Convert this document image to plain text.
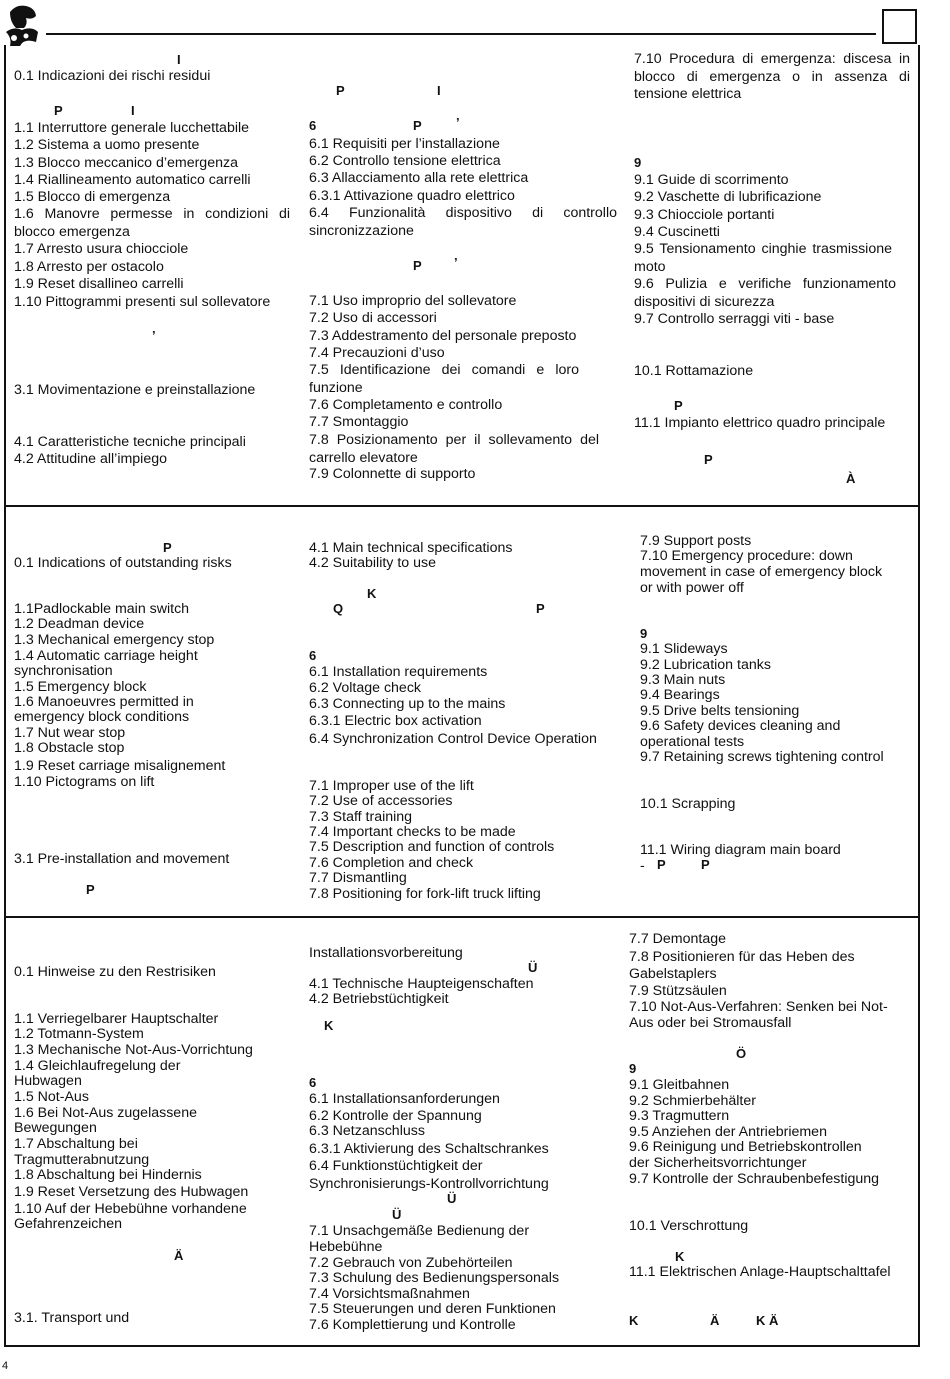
I
0.1 Indicazioni dei rischi residui
P	I
1.1 Interruttore generale lucchettabile
1.2 Sistema a uomo presente
1.3 Blocco meccanico d’emergenza
1.4 Riallineamento automatico carrelli
1.5 Blocco di emergenza
1.6 Manovre permesse in condizioni di blocco emergenza
1.7 Arresto usura chiocciole
1.8 Arresto per ostacolo
1.9 Reset disallineo carrelli
1.10 Pittogrammi presenti sul sollevatore
’
3.1 Movimentazione e preinstallazione
4.1 Caratteristiche tecniche principali
4.2 Attitudine all’impiego
P	I
6	P	’
6.1 Requisiti per l’installazione
6.2 Controllo tensione elettrica
6.3 Allacciamento alla rete elettrica
6.3.1 Attivazione quadro elettrico
6.4 Funzionalità dispositivo di controllo sincronizzazione
P ’
7.1 Uso improprio del sollevatore
7.2 Uso di accessori
7.3 Addestramento del personale preposto
7.4 Precauzioni d’uso
7.5 Identificazione dei comandi e loro funzione
7.6 Completamento e controllo
7.7 Smontaggio
7.8 Posizionamento per il sollevamento del carrello elevatore
7.9 Colonnette di supporto
7.10 Procedura di emergenza: discesa in blocco di emergenza o in assenza di tensione elettrica
9
9.1 Guide di scorrimento
9.2 Vaschette di lubrificazione
9.3 Chiocciole portanti
9.4 Cuscinetti
9.5 Tensionamento cinghie trasmissione moto
9.6 Pulizia e verifiche funzionamento dispositivi di sicurezza
9.7 Controllo serraggi viti - base
10.1 Rottamazione
P
11.1 Impianto elettrico quadro principale
P
À
P
0.1 Indications of outstanding risks
1.1Padlockable main switch
1.2 Deadman device
1.3 Mechanical emergency stop
1.4 Automatic carriage height
synchronisation
1.5 Emergency block
1.6 Manoeuvres permitted in
emergency block conditions
1.7 Nut wear stop
1.8 Obstacle stop
1.9 Reset carriage misalignement
1.10 Pictograms on lift
3.1 Pre-installation and movement
P
4.1 Main technical specifications
4.2 Suitability to use
K
Q	P
6
6.1 Installation requirements
6.2 Voltage check
6.3 Connecting up to the mains
6.3.1 Electric box activation
6.4 Synchronization Control Device Operation
7.1 Improper use of the lift
7.2 Use of accessories
7.3 Staff training
7.4 Important checks to be made
7.5 Description and function of controls
7.6 Completion and check
7.7 Dismantling
7.8 Positioning for fork-lift truck lifting
7.9 Support posts
7.10 Emergency procedure: down
movement in case of emergency block
or with power off
9
9.1 Slideways
9.2 Lubrication tanks
9.3 Main nuts
9.4 Bearings
9.5 Drive belts tensioning
9.6 Safety devices cleaning and
operational tests
9.7 Retaining screws tightening control
10.1 Scrapping
11.1 Wiring diagram main board
- P	P
0.1 Hinweise zu den Restrisiken
1.1 Verriegelbarer Hauptschalter
1.2 Totmann-System
1.3 Mechanische Not-Aus-Vorrichtung
1.4 Gleichlaufregelung der
Hubwagen
1.5 Not-Aus
1.6 Bei Not-Aus zugelassene
Bewegungen
1.7 Abschaltung bei
Tragmutterabnutzung
1.8 Abschaltung bei Hindernis
1.9 Reset Versetzung des Hubwagen
1.10 Auf der Hebebühne vorhandene
Gefahrenzeichen
Ä
3.1. Transport und
Installationsvorbereitung
Ü
4.1 Technische Haupteigenschaften
4.2 Betriebstüchtigkeit
K
6
6.1 Installationsanforderungen
6.2 Kontrolle der Spannung
6.3 Netzanschluss
6.3.1 Aktivierung des Schaltschrankes
6.4 Funktionstüchtigkeit der
Synchronisierungs-Kontrollvorrichtung
Ü
Ü
7.1 Unsachgemäße Bedienung der
Hebebühne
7.2 Gebrauch von Zubehörteilen
7.3 Schulung des Bedienungspersonals
7.4 Vorsichtsmaßnahmen
7.5 Steuerungen und deren Funktionen
7.6 Komplettierung und Kontrolle
7.7 Demontage
7.8 Positionieren für das Heben des
Gabelstaplers
7.9 Stützsäulen
7.10 Not-Aus-Verfahren: Senken bei Not-
Aus oder bei Stromausfall
Ö
9
9.1 Gleitbahnen
9.2 Schmierbehälter
9.3 Tragmuttern
9.5 Anziehen der Antriebriemen
9.6 Reinigung und Betriebskontrollen
der Sicherheitsvorrichtunger
9.7 Kontrolle der Schraubenbefestigung
10.1 Verschrottung
K
11.1 Elektrischen Anlage-Hauptschalttafel
K	Ä	K Ä
4
